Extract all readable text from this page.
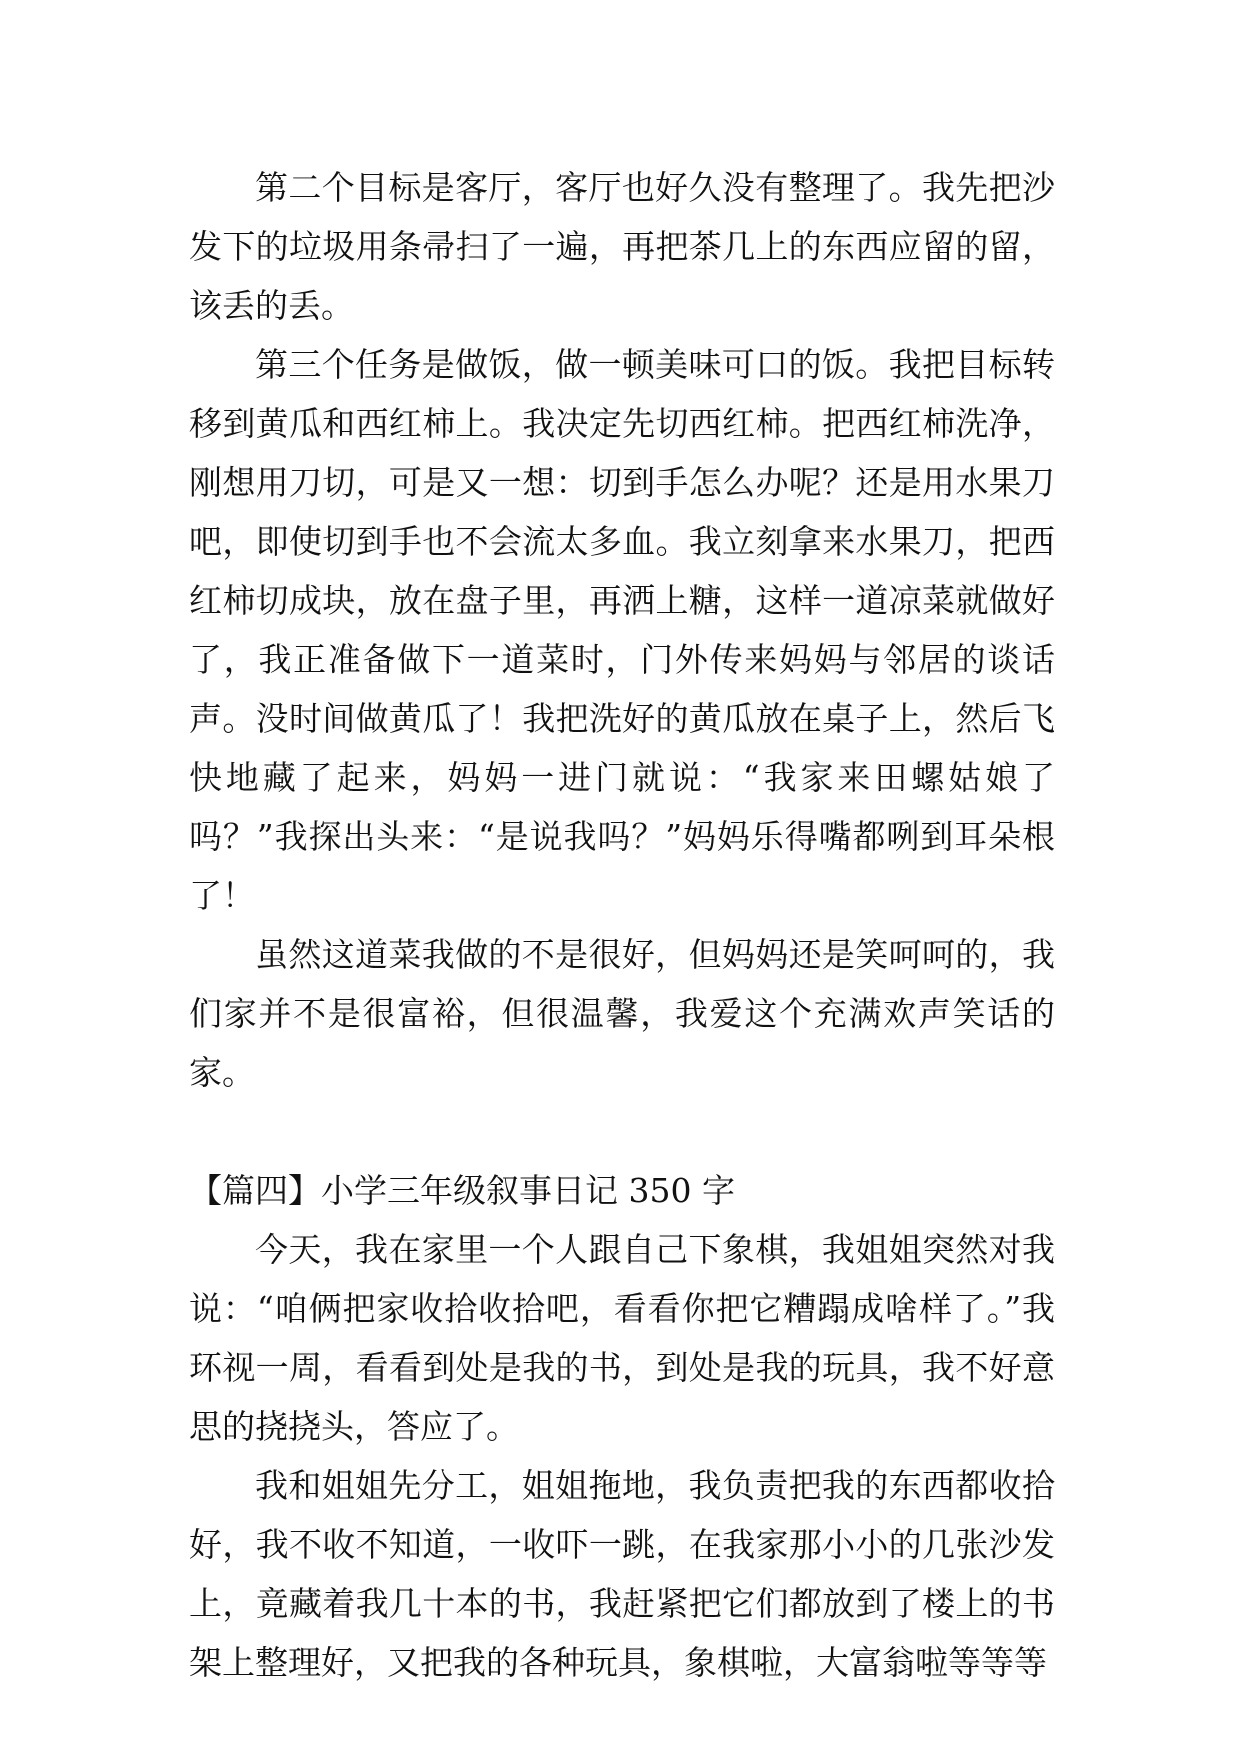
第二个目标是客厅，客厅也好久没有整理了。我先把沙发下的垃圾用条帚扫了一遍，再把茶几上的东西应留的留，该丢的丢。

第三个任务是做饭，做一顿美味可口的饭。我把目标转移到黄瓜和西红柿上。我决定先切西红柿。把西红柿洗净，刚想用刀切，可是又一想：切到手怎么办呢？还是用水果刀吧，即使切到手也不会流太多血。我立刻拿来水果刀，把西红柿切成块，放在盘子里，再洒上糖，这样一道凉菜就做好了，我正准备做下一道菜时，门外传来妈妈与邻居的谈话声。没时间做黄瓜了！我把洗好的黄瓜放在桌子上，然后飞快地藏了起来，妈妈一进门就说：“我家来田螺姑娘了吗？”我探出头来：“是说我吗？”妈妈乐得嘴都咧到耳朵根了！

虽然这道菜我做的不是很好，但妈妈还是笑呵呵的，我们家并不是很富裕，但很温馨，我爱这个充满欢声笑话的家。

【篇四】小学三年级叙事日记 350 字

今天，我在家里一个人跟自己下象棋，我姐姐突然对我说：“咱俩把家收拾收拾吧，看看你把它糟蹋成啥样了。”我环视一周，看看到处是我的书，到处是我的玩具，我不好意思的挠挠头，答应了。

我和姐姐先分工，姐姐拖地，我负责把我的东西都收拾好，我不收不知道，一收吓一跳，在我家那小小的几张沙发上，竟藏着我几十本的书，我赶紧把它们都放到了楼上的书架上整理好，又把我的各种玩具，象棋啦，大富翁啦等等等
